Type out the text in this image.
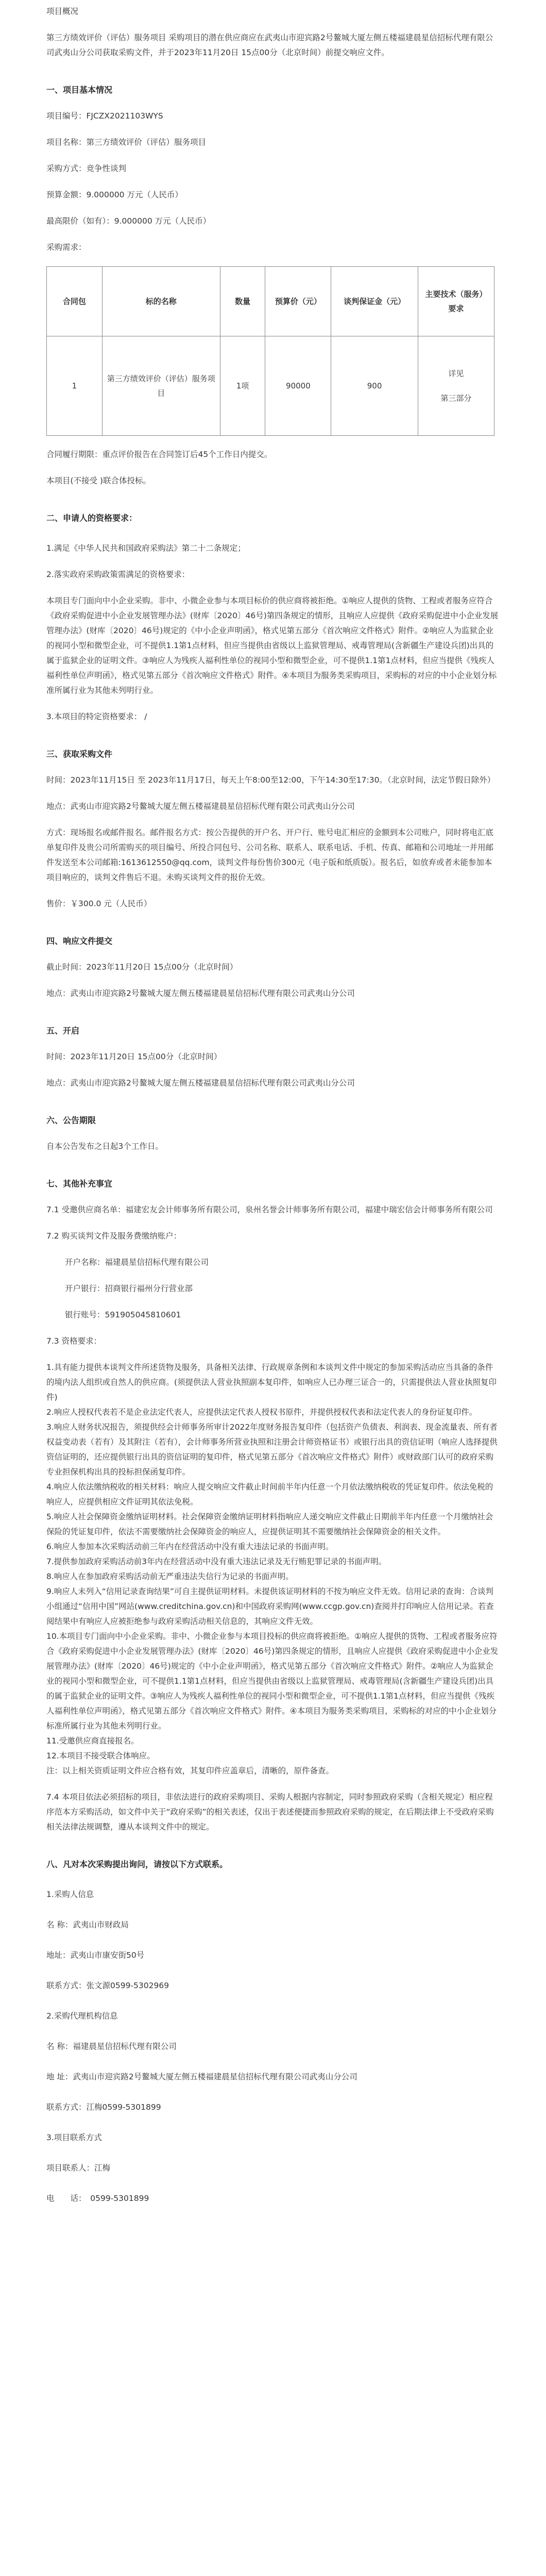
项目概况

第三方绩效评价（评估）服务项目 采购项目的潜在供应商应在武夷山市迎宾路2号鳌城大厦左侧五楼福建晨星信招标代理有限公司武夷山分公司获取采购文件，并于2023年11月20日 15点00分（北京时间）前提交响应文件。

一、项目基本情况

项目编号：FJCZX2021103WYS

项目名称：第三方绩效评价（评估）服务项目

采购方式：竞争性谈判

预算金额：9.000000 万元（人民币）

最高限价（如有）：9.000000 万元（人民币）

采购需求：

合同包	标的名称	数量	预算价（元）	谈判保证金（元）	主要技术（服务）要求
1	第三方绩效评价（评估）服务项目	1项	90000	900	详见
第三部分

合同履行期限：重点评价报告在合同签订后45个工作日内提交。

本项目(不接受 )联合体投标。

二、申请人的资格要求：

1.满足《中华人民共和国政府采购法》第二十二条规定；

2.落实政府采购政策需满足的资格要求：

本项目专门面向中小企业采购。非中、小微企业参与本项目标价的供应商将被拒绝。①响应人提供的货物、工程或者服务应符合《政府采购促进中小企业发展管理办法》(财库〔2020〕46号)第四条规定的情形，且响应人应提供《政府采购促进中小企业发展管理办法》(财库〔2020〕46号)规定的《中小企业声明函》，格式见第五部分《首次响应文件格式》附件。②响应人为监狱企业的视同小型和微型企业，可不提供1.1第1点材料，但应当提供由省级以上监狱管理局、戒毒管理局(含新疆生产建设兵团)出具的属于监狱企业的证明文件。③响应人为残疾人福利性单位的视同小型和微型企业，可不提供1.1第1点材料，但应当提供《残疾人福利性单位声明函》，格式见第五部分《首次响应文件格式》附件。④本项目为服务类采购项目，采购标的对应的中小企业划分标准所属行业为其他未列明行业。

3.本项目的特定资格要求： /

三、获取采购文件

时间：2023年11月15日 至 2023年11月17日，每天上午8:00至12:00，下午14:30至17:30。（北京时间，法定节假日除外）

地点：武夷山市迎宾路2号鳌城大厦左侧五楼福建晨星信招标代理有限公司武夷山分公司

方式：现场报名或邮件报名。邮件报名方式：按公告提供的开户名、开户行、账号电汇相应的金额到本公司账户，同时将电汇底单复印件及贵公司所需购买的项目编号、所投合同包号、公司名称、联系人、联系电话、手机、传真、邮箱和公司地址一并用邮件发送至本公司邮箱:1613612550@qq.com，谈判文件每份售价300元（电子版和纸质版）。报名后，如放弃或者未能参加本项目响应的，谈判文件售后不退。未购买谈判文件的报价无效。

售价：￥300.0 元（人民币）

四、响应文件提交

截止时间：2023年11月20日 15点00分（北京时间）

地点：武夷山市迎宾路2号鳌城大厦左侧五楼福建晨星信招标代理有限公司武夷山分公司

五、开启

时间：2023年11月20日 15点00分（北京时间）

地点：武夷山市迎宾路2号鳌城大厦左侧五楼福建晨星信招标代理有限公司武夷山分公司

六、公告期限

自本公告发布之日起3个工作日。

七、其他补充事宜

7.1 受邀供应商名单：福建宏友会计师事务所有限公司，泉州名誉会计师事务所有限公司，福建中瑞宏信会计师事务所有限公司

7.2 购买谈判文件及服务费缴纳账户：

开户名称：福建晨星信招标代理有限公司

开户银行：招商银行福州分行营业部

银行账号：591905045810601

7.3 资格要求：

1.具有能力提供本谈判文件所述货物及服务，具备相关法律、行政规章条例和本谈判文件中规定的参加采购活动应当具备的条件的境内法人组织或自然人的供应商。(须提供法人营业执照副本复印件，如响应人已办理三证合一的，只需提供法人营业执照复印件)

2.响应人授权代表若不是企业法定代表人，应提供法定代表人授权书原件，并提供授权代表和法定代表人的身份证复印件。

3.响应人财务状况报告，须提供经会计师事务所审计2022年度财务报告复印件（包括资产负债表、利润表、现金流量表、所有者权益变动表（若有）及其附注（若有），会计师事务所营业执照和注册会计师资格证书）或银行出具的资信证明（响应人选择提供资信证明的，还应提供银行出具的资信证明的复印件，格式见第五部分《首次响应文件格式》附件）或财政部门认可的政府采购专业担保机构出具的投标担保函复印件。

4.响应人依法缴纳税收的相关材料：响应人提交响应文件截止时间前半年内任意一个月依法缴纳税收的凭证复印件。依法免税的响应人，应提供相应文件证明其依法免税。

5.响应人社会保障资金缴纳证明材料。社会保障资金缴纳证明材料指响应人递交响应文件截止日期前半年内任意一个月缴纳社会保险的凭证复印件，依法不需要缴纳社会保障资金的响应人，应提供证明其不需要缴纳社会保障资金的相关文件。

6.响应人参加本次采购活动前三年内在经营活动中没有重大违法记录的书面声明。

7.提供参加政府采购活动前3年内在经营活动中没有重大违法记录及无行贿犯罪记录的书面声明。

8.响应人在参加政府采购活动前无严重违法失信行为记录的书面声明。

9.响应人未列入“信用记录查询结果”可自主提供证明材料。未提供该证明材料的不按为响应文件无效。信用记录的查询：合谈判小组通过“信用中国”网站(www.creditchina.gov.cn)和中国政府采购网(www.ccgp.gov.cn)查阅并打印响应人信用记录。若查阅结果中有响应人应被拒绝参与政府采购活动相关信息的，其响应文件无效。

10.本项目专门面向中小企业采购。非中、小微企业参与本项目投标的供应商将被拒绝。①响应人提供的货物、工程或者服务应符合《政府采购促进中小企业发展管理办法》(财库〔2020〕46号)第四条规定的情形，且响应人应提供《政府采购促进中小企业发展管理办法》(财库〔2020〕46号)规定的《中小企业声明函》，格式见第五部分《首次响应文件格式》附件。②响应人为监狱企业的视同小型和微型企业，可不提供1.1第1点材料，但应当提供由省级以上监狱管理局、戒毒管理局(含新疆生产建设兵团)出具的属于监狱企业的证明文件。③响应人为残疾人福利性单位的视同小型和微型企业，可不提供1.1第1点材料，但应当提供《残疾人福利性单位声明函》，格式见第五部分《首次响应文件格式》附件。④本项目为服务类采购项目，采购标的对应的中小企业划分标准所属行业为其他未列明行业。

11.受邀供应商直接报名。

12.本项目不接受联合体响应。

注：以上相关资质证明文件应合格有效，其复印件应盖章后，清晰的，原件备查。

7.4 本项目依法必须招标的项目，非依法进行的政府采购项目、采购人根据内容制定，同时参照政府采购（含相关规定）相应程序范本方采购活动，如文件中关于“政府采购”的相关表述，仅出于表述便捷而参照政府采购的规定，在后期法律上不受政府采购相关法律法规调整，遵从本谈判文件中的规定。

八、凡对本次采购提出询问，请按以下方式联系。

1.采购人信息

名 称：武夷山市财政局

地址：武夷山市康安街50号

联系方式：张文源0599-5302969

2.采购代理机构信息

名 称：福建晨星信招标代理有限公司

地 址：武夷山市迎宾路2号鳌城大厦左侧五楼福建晨星信招标代理有限公司武夷山分公司

联系方式：江梅0599-5301899

3.项目联系方式

项目联系人：江梅

电　　话：　0599-5301899
